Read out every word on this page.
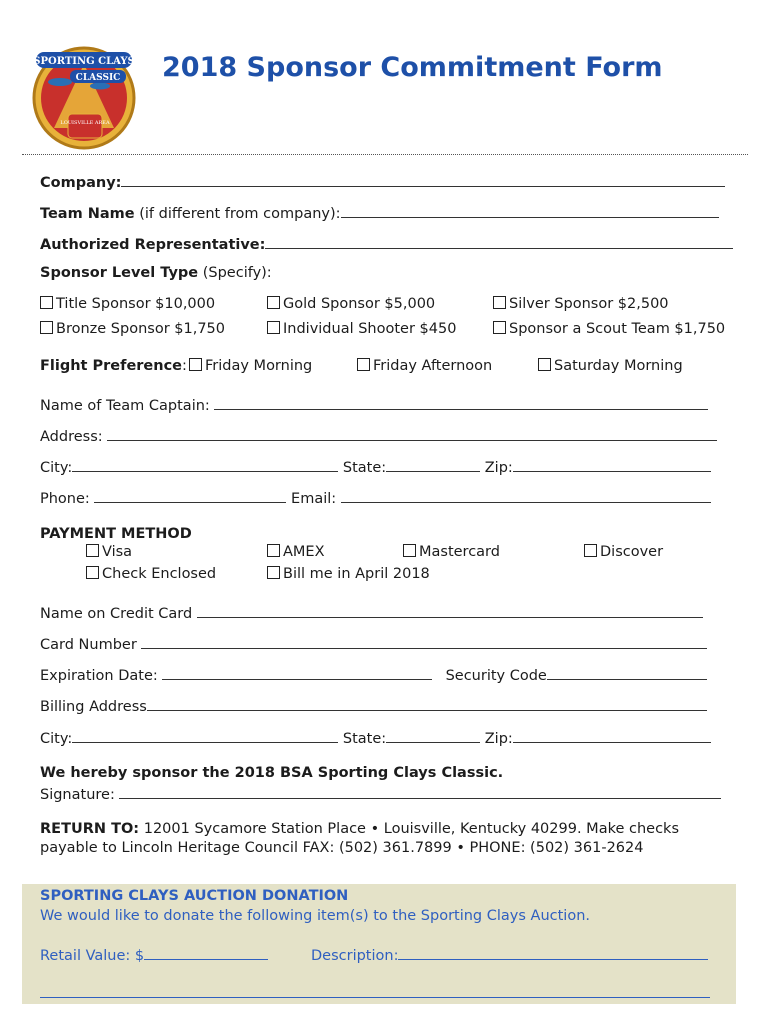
SPORTING CLAYS
CLASSIC
LOUISVILLE AREA
2018 Sponsor Commitment Form
Company:
Team Name (if different from company):
Authorized Representative:
Sponsor Level Type (Specify):
Title Sponsor $10,000	Gold Sponsor $5,000	Silver Sponsor $2,500
Bronze Sponsor $1,750	Individual Shooter $450	Sponsor a Scout Team $1,750
Flight Preference:	Friday Morning	Friday Afternoon	Saturday Morning
Name of Team Captain:
Address:
City:	State:	Zip:
Phone:	Email:
PAYMENT METHOD
Visa	AMEX	Mastercard	Discover
Check Enclosed	Bill me in April 2018
Name on Credit Card
Card Number
Expiration Date:	Security Code
Billing Address
City:	State:	Zip:
We hereby sponsor the 2018 BSA Sporting Clays Classic.
Signature:
RETURN TO: 12001 Sycamore Station Place • Louisville, Kentucky 40299. Make checks
payable to Lincoln Heritage Council FAX: (502) 361.7899 • PHONE: (502) 361-2624
SPORTING CLAYS AUCTION DONATION
We would like to donate the following item(s) to the Sporting Clays Auction.
Retail Value: $	Description:
